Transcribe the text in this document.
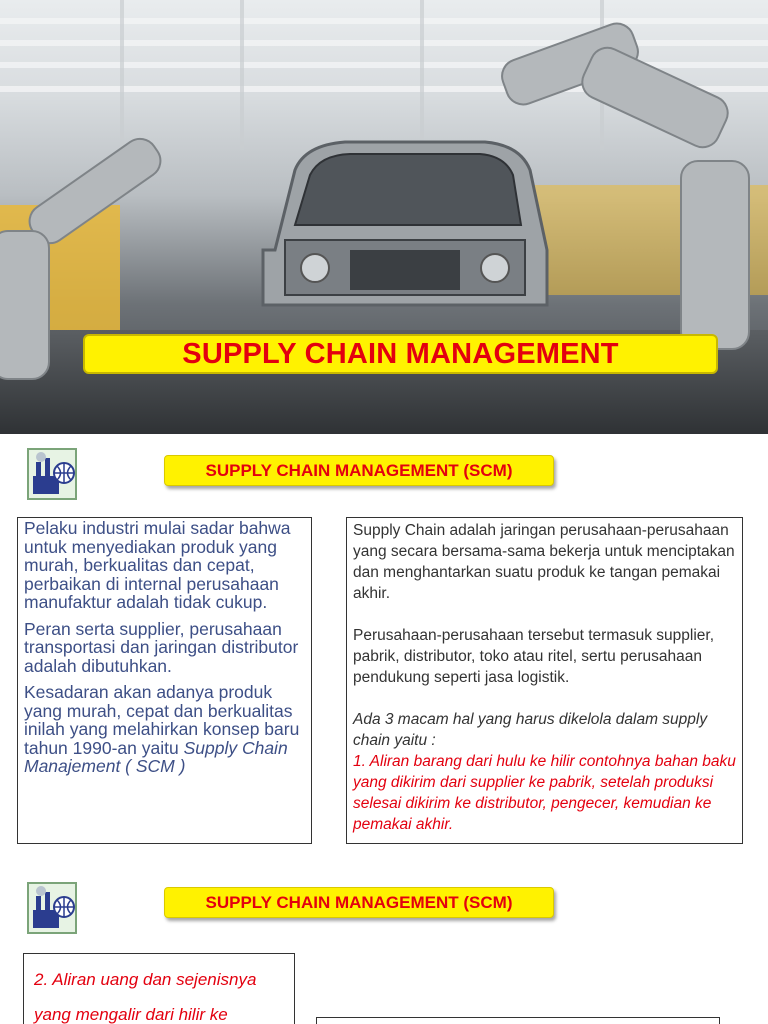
SUPPLY CHAIN MANAGEMENT
SUPPLY CHAIN MANAGEMENT (SCM)

Pelaku industri mulai sadar bahwa untuk menyediakan produk yang murah, berkualitas dan cepat, perbaikan di internal perusahaan manufaktur adalah tidak cukup.

Peran serta supplier, perusahaan transportasi dan jaringan distributor adalah dibutuhkan.

Kesadaran akan adanya produk yang murah, cepat dan berkualitas inilah yang melahirkan konsep baru tahun 1990-an yaitu Supply Chain Manajement ( SCM )

Supply Chain adalah jaringan perusahaan-perusahaan yang secara bersama-sama bekerja untuk menciptakan dan menghantarkan suatu produk ke tangan pemakai akhir.

Perusahaan-perusahaan tersebut termasuk supplier, pabrik, distributor, toko atau ritel, sertu perusahaan pendukung seperti jasa logistik.

Ada 3 macam hal yang harus dikelola dalam supply chain yaitu :

1. Aliran barang dari hulu ke hilir contohnya bahan baku yang dikirim dari supplier ke pabrik, setelah produksi selesai dikirim ke distributor, pengecer, kemudian ke pemakai akhir.

SUPPLY CHAIN MANAGEMENT (SCM)
2. Aliran uang dan sejenisnya yang mengalir dari hilir ke
